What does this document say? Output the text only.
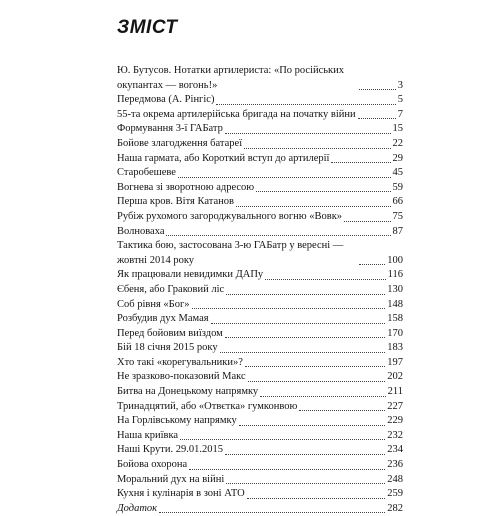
ЗМІСТ
Ю. Бутусов. Нотатки артилериста: «По російських окупантах — вогонь!»	3
Передмова (А. Рінгіс)	5
55-та окрема артилерійська бригада на початку війни	7
Формування 3-ї ГАБатр	15
Бойове злагодження батареї	22
Наша гармата, або Короткий вступ до артилерії	29
Старобешеве	45
Вогнева зі зворотною адресою	59
Перша кров. Вітя Катанов	66
Рубіж рухомого загороджувального вогню «Вовк»	75
Волноваха	87
Тактика бою, застосована 3-ю ГАБатр у вересні — жовтні 2014 року	100
Як працювали невидимки ДАПу	116
Єбеня, або Граковий ліс	130
Соб рівня «Бог»	148
Розбудив дух Мамая	158
Перед бойовим виїздом	170
Бій 18 січня 2015 року	183
Хто такі «корегувальники»?	197
Не зразково-показовий Макс	202
Битва на Донецькому напрямку	211
Тринадцятий, або «Отвєтка» гумконвою	227
На Горлівському напрямку	229
Наша криївка	232
Наші Крути. 29.01.2015	234
Бойова охорона	236
Моральний дух на війні	248
Кухня і кулінарія в зоні АТО	259
Додаток	282
